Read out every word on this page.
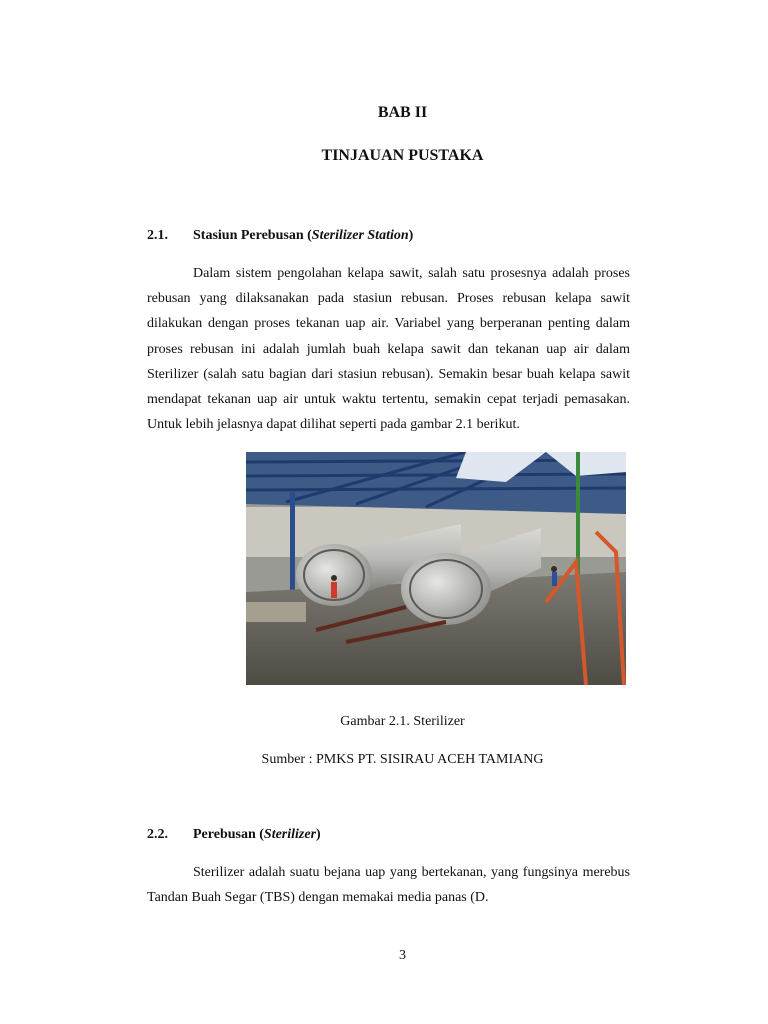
BAB II
TINJAUAN PUSTAKA
2.1. Stasiun Perebusan (Sterilizer Station)
Dalam sistem pengolahan kelapa sawit, salah satu prosesnya adalah proses rebusan yang dilaksanakan pada stasiun rebusan. Proses rebusan kelapa sawit dilakukan dengan proses tekanan uap air. Variabel yang berperanan penting dalam proses rebusan ini adalah jumlah buah kelapa sawit dan tekanan uap air dalam Sterilizer (salah satu bagian dari stasiun rebusan). Semakin besar buah kelapa sawit mendapat tekanan uap air untuk waktu tertentu, semakin cepat terjadi pemasakan. Untuk lebih jelasnya dapat dilihat seperti pada gambar 2.1 berikut.
Gambar 2.1. Sterilizer
Sumber : PMKS PT. SISIRAU ACEH TAMIANG
2.2. Perebusan (Sterilizer)
Sterilizer adalah suatu bejana uap yang bertekanan, yang fungsinya merebus Tandan Buah Segar (TBS) dengan memakai media panas (D.
3
